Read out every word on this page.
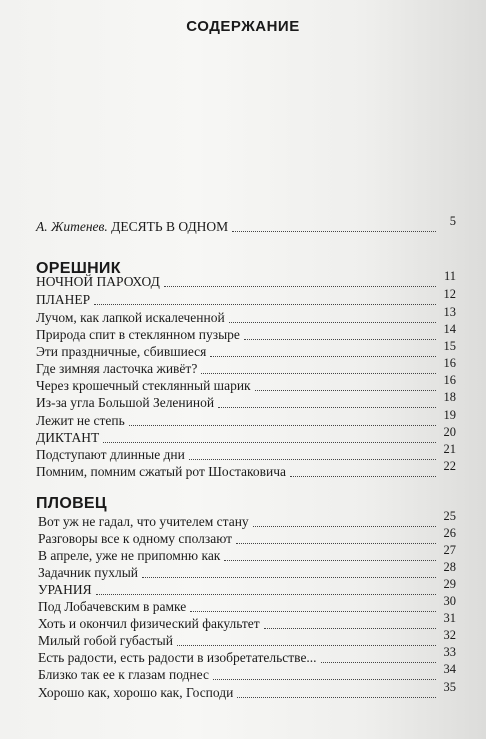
СОДЕРЖАНИЕ
А. Житенев. ДЕСЯТЬ В ОДНОМ	5
ОРЕШНИК
НОЧНОЙ ПАРОХОД	11
ПЛАНЕР	12
Лучом, как лапкой искалеченной	13
Природа спит в стеклянном пузыре	14
Эти праздничные, сбившиеся	15
Где зимняя ласточка живёт?	16
Через крошечный стеклянный шарик	16
Из-за угла Большой Зелениной	18
Лежит не степь	19
ДИКТАНТ	20
Подступают длинные дни	21
Помним, помним сжатый рот Шостаковича	22
ПЛОВЕЦ
Вот уж не гадал, что учителем стану	25
Разговоры все к одному сползают	26
В апреле, уже не припомню как	27
Задачник пухлый	28
УРАНИЯ	29
Под Лобачевским в рамке	30
Хоть и окончил физический факультет	31
Милый гобой губастый	32
Есть радости, есть радости в изобретательстве...	33
Близко так ее к глазам поднес	34
Хорошо как, хорошо как, Господи	35
